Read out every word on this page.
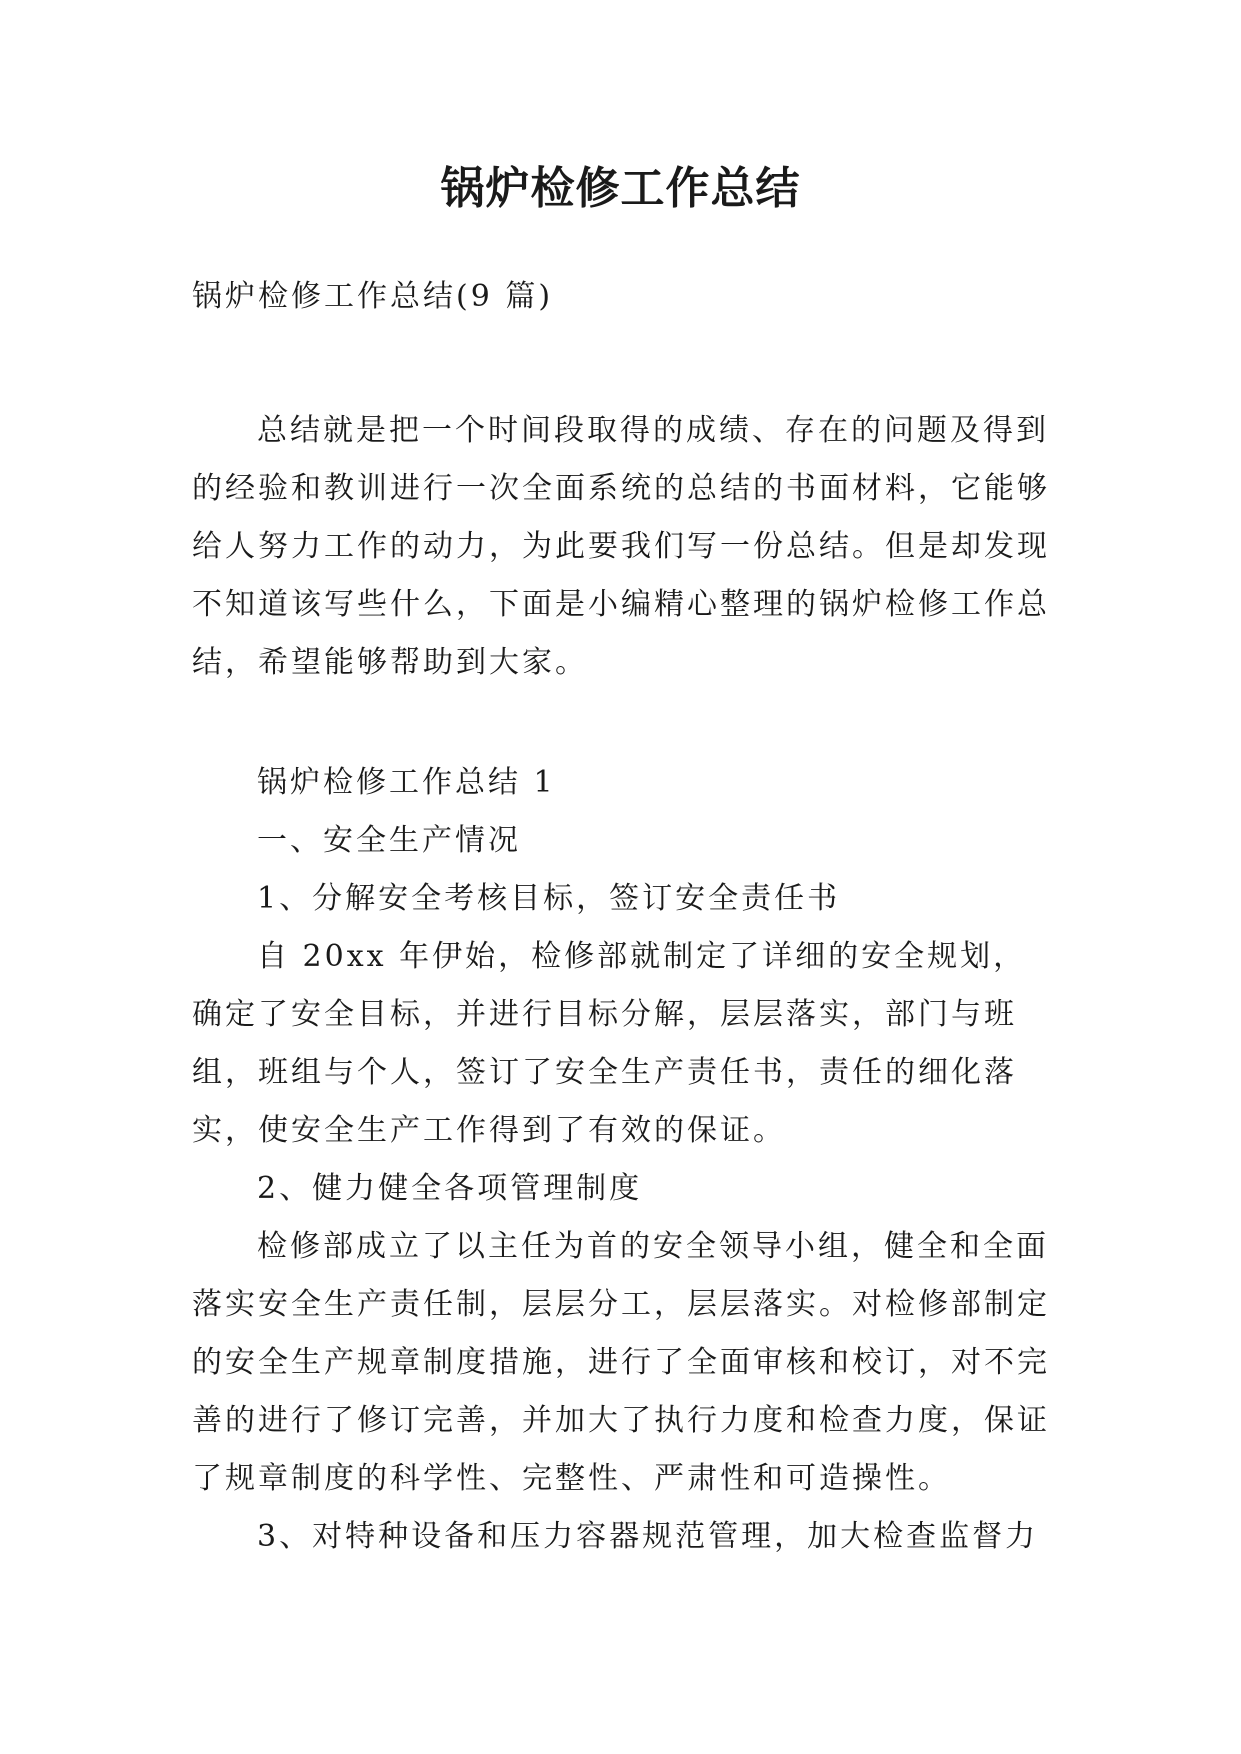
锅炉检修工作总结

锅炉检修工作总结(9 篇)

总结就是把一个时间段取得的成绩、存在的问题及得到的经验和教训进行一次全面系统的总结的书面材料，它能够给人努力工作的动力，为此要我们写一份总结。但是却发现不知道该写些什么，下面是小编精心整理的锅炉检修工作总结，希望能够帮助到大家。

锅炉检修工作总结 1

一、安全生产情况

1、分解安全考核目标，签订安全责任书

自 20xx 年伊始，检修部就制定了详细的安全规划，确定了安全目标，并进行目标分解，层层落实，部门与班组，班组与个人，签订了安全生产责任书，责任的细化落实，使安全生产工作得到了有效的保证。

2、健力健全各项管理制度

检修部成立了以主任为首的安全领导小组，健全和全面落实安全生产责任制，层层分工，层层落实。对检修部制定的安全生产规章制度措施，进行了全面审核和校订，对不完善的进行了修订完善，并加大了执行力度和检查力度，保证了规章制度的科学性、完整性、严肃性和可造操性。

3、对特种设备和压力容器规范管理，加大检查监督力
